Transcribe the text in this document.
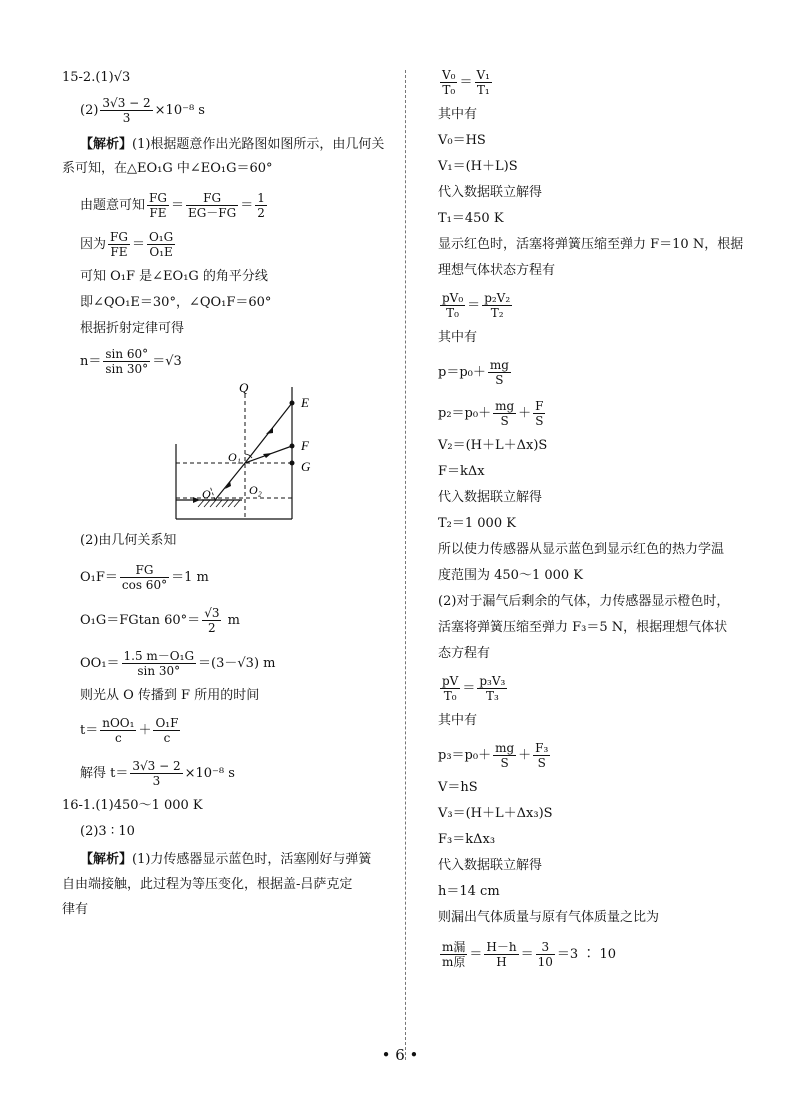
15-2.(1)√3
$(2) \frac{3√3 - 2}{3} \times 10^{-8}$ s
【解析】(1)根据题意作出光路图如图所示，由几何关
系可知，在△EO₁G 中∠EO₁G＝60°
由题意可知 $\frac{FG}{FE} = \frac{FG}{EG-FG} = \frac{1}{2}$
因为 $\frac{FG}{FE} = \frac{\text{O₁G}}{\text{O₁E}}$
可知 O₁F 是∠EO₁G 的角平分线
即∠QO₁E＝30°，∠QO₁F＝60°
根据折射定律可得
$n= \frac{\sin 60^\circ}{\sin 30^\circ} =√3$
Q
E
F
G
O₁
O	O₂
(2)由几何关系知
$O_1F= \frac{FG}{\cos 60^\circ} =1$ m
O₁G＝FGtan $60^\circ= \frac{√3}{2}$ m
$OO_1= \frac{\text{1.5 m－O₁G}}{\sin 30^\circ} =(3-√3)$ m
则光从 O 传播到 F 所用的时间
$t= \frac{\text{nOO₁}}{c} + \frac{\text{O₁F}}{c}$
解得 $t= \frac{3√3 - 2}{3} \times 10^{-8}$ s
16-1.(1)450～1 000 K
(2)3 ∶ 10
【解析】(1)力传感器显示蓝色时，活塞刚好与弹簧
自由端接触，此过程为等压变化，根据盖-吕萨克定
律有
$\frac{\text{V₀}}{\text{T₀}} = \frac{\text{V₁}}{\text{T₁}}$
其中有
V₀＝HS
V₁＝(H＋L)S
代入数据联立解得
T₁＝450 K
显示红色时，活塞将弹簧压缩至弹力 F＝10 N，根据
理想气体状态方程有
$\frac{\text{pV₀}}{\text{T₀}} = \frac{\text{p₂V₂}}{\text{T₂}}$
其中有
$p=p_0+ \frac{mg}{S}$
$p_2=p_0+ \frac{mg}{S} + \frac{F}{S}$
V₂＝(H＋L＋Δx)S
F＝kΔx
代入数据联立解得
T₂＝1 000 K
所以使力传感器从显示蓝色到显示红色的热力学温
度范围为 450～1 000 K
(2)对于漏气后剩余的气体，力传感器显示橙色时，
活塞将弹簧压缩至弹力 F₃＝5 N，根据理想气体状
态方程有
$\frac{pV}{\text{T₀}} = \frac{\text{p₃V₃}}{\text{T₃}}$
其中有
$p_3=p_0+ \frac{mg}{S} + \frac{\text{F₃}}{S}$
V＝hS
V₃＝(H＋L＋Δx₃)S
F₃＝kΔx₃
代入数据联立解得
h＝14 cm
则漏出气体质量与原有气体质量之比为
$\frac{\text{m漏}}{\text{m原}} = \frac{H-h}{H} = \frac{3}{10} =3$ ∶ 10
• 6 •
